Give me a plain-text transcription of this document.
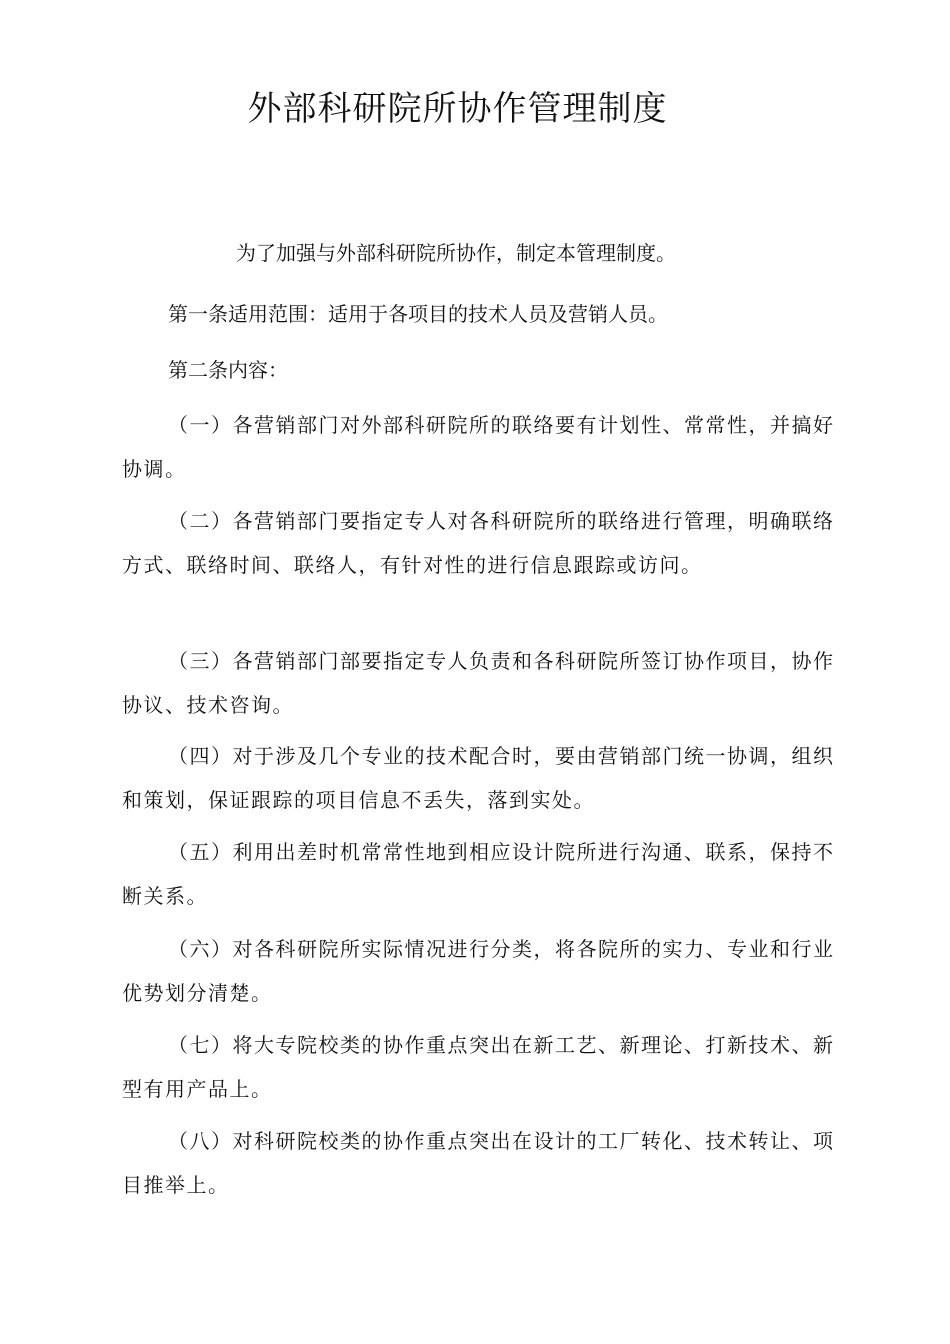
外部科研院所协作管理制度

为了加强与外部科研院所协作，制定本管理制度。

第一条适用范围：适用于各项目的技术人员及营销人员。

第二条内容：

（一）各营销部门对外部科研院所的联络要有计划性、常常性，并搞好协调。

（二）各营销部门要指定专人对各科研院所的联络进行管理，明确联络方式、联络时间、联络人，有针对性的进行信息跟踪或访问。

（三）各营销部门部要指定专人负责和各科研院所签订协作项目，协作协议、技术咨询。

（四）对于涉及几个专业的技术配合时，要由营销部门统一协调，组织和策划，保证跟踪的项目信息不丢失，落到实处。

（五）利用出差时机常常性地到相应设计院所进行沟通、联系，保持不断关系。

（六）对各科研院所实际情况进行分类，将各院所的实力、专业和行业优势划分清楚。

（七）将大专院校类的协作重点突出在新工艺、新理论、打新技术、新型有用产品上。

（八）对科研院校类的协作重点突出在设计的工厂转化、技术转让、项目推举上。
